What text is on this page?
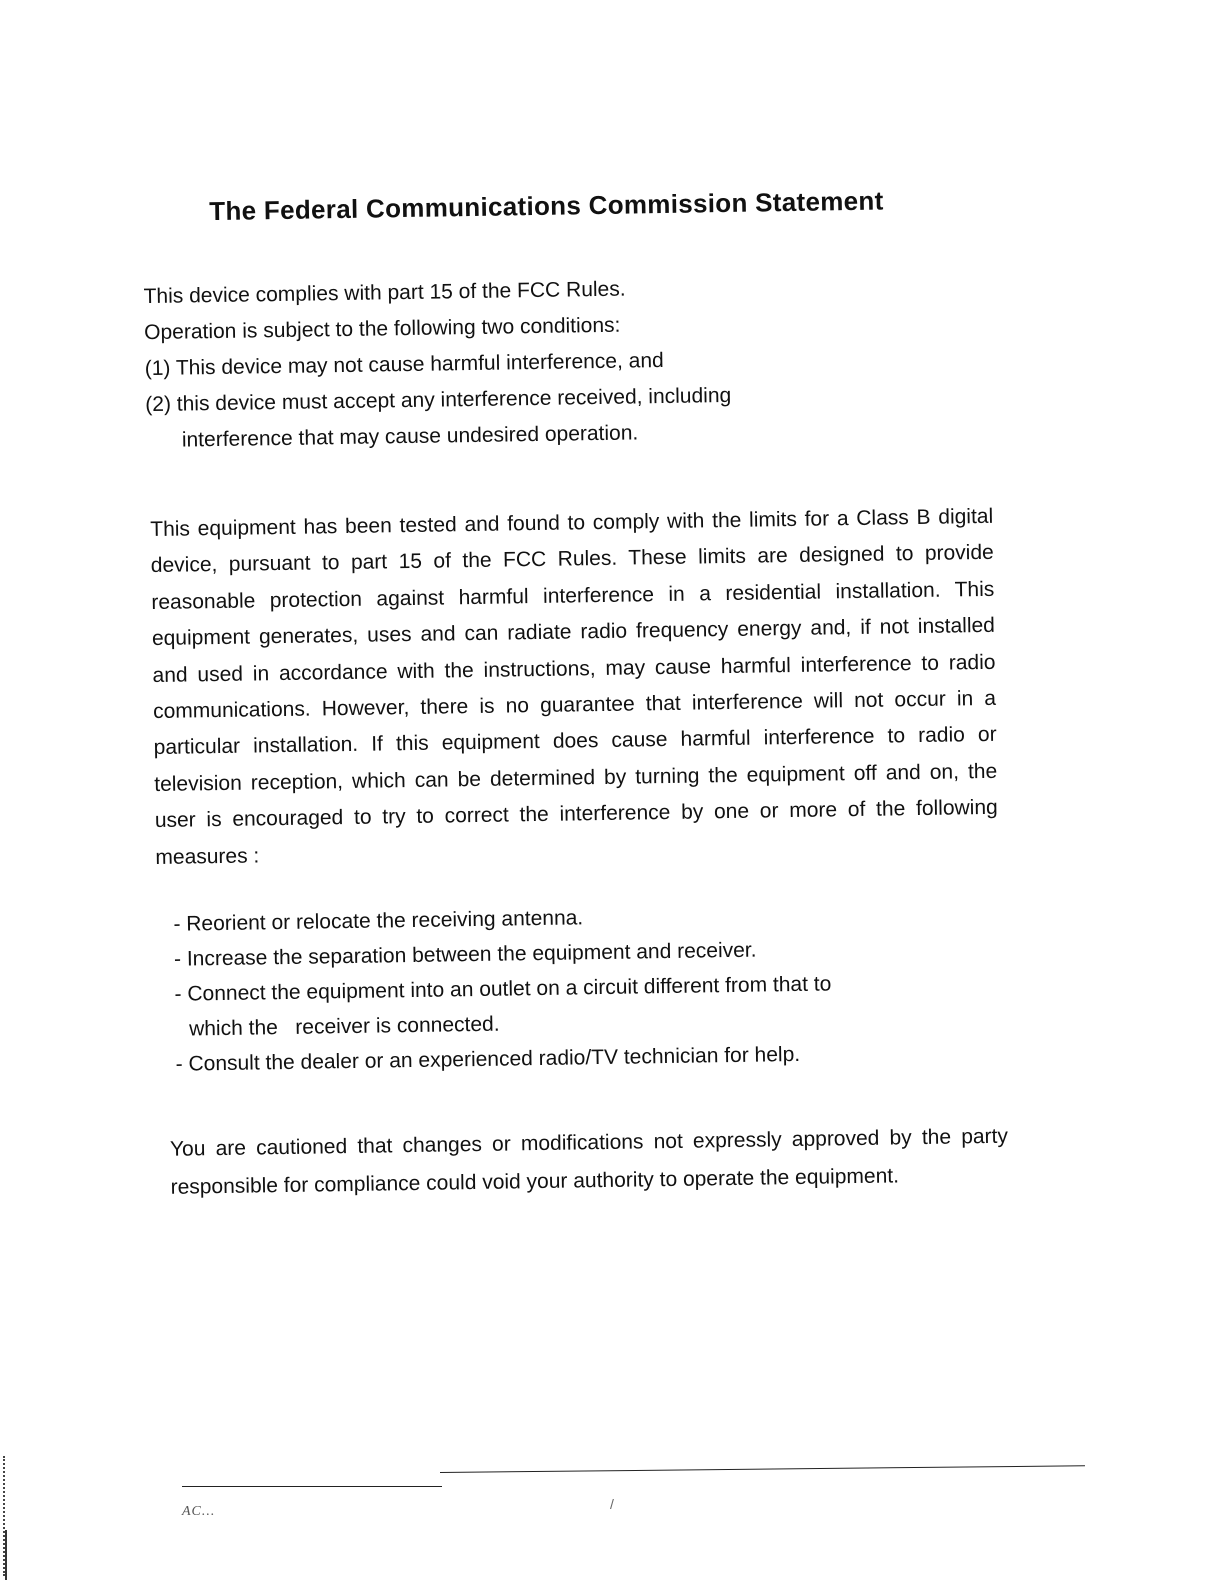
The Federal Communications Commission Statement
This device complies with part 15 of the FCC Rules.
Operation is subject to the following two conditions:
(1) This device may not cause harmful interference, and
(2) this device must accept any interference received, including
interference that may cause undesired operation.

This equipment has been tested and found to comply with the limits for a Class B digital device, pursuant to part 15 of the FCC Rules. These limits are designed to provide reasonable protection against harmful interference in a residential installation. This equipment generates, uses and can radiate radio frequency energy and, if not installed and used in accordance with the instructions, may cause harmful interference to radio communications. However, there is no guarantee that interference will not occur in a particular installation. If this equipment does cause harmful interference to radio or television reception, which can be determined by turning the equipment off and on, the user is encouraged to try to correct the interference by one or more of the following measures :

- Reorient or relocate the receiving antenna.
- Increase the separation between the equipment and receiver.
- Connect the equipment into an outlet on a circuit different from that to
which the   receiver is connected.
- Consult the dealer or an experienced radio/TV technician for help.

You are cautioned that changes or modifications not expressly approved by the party responsible for compliance could void your authority to operate the equipment.

AC...	/
